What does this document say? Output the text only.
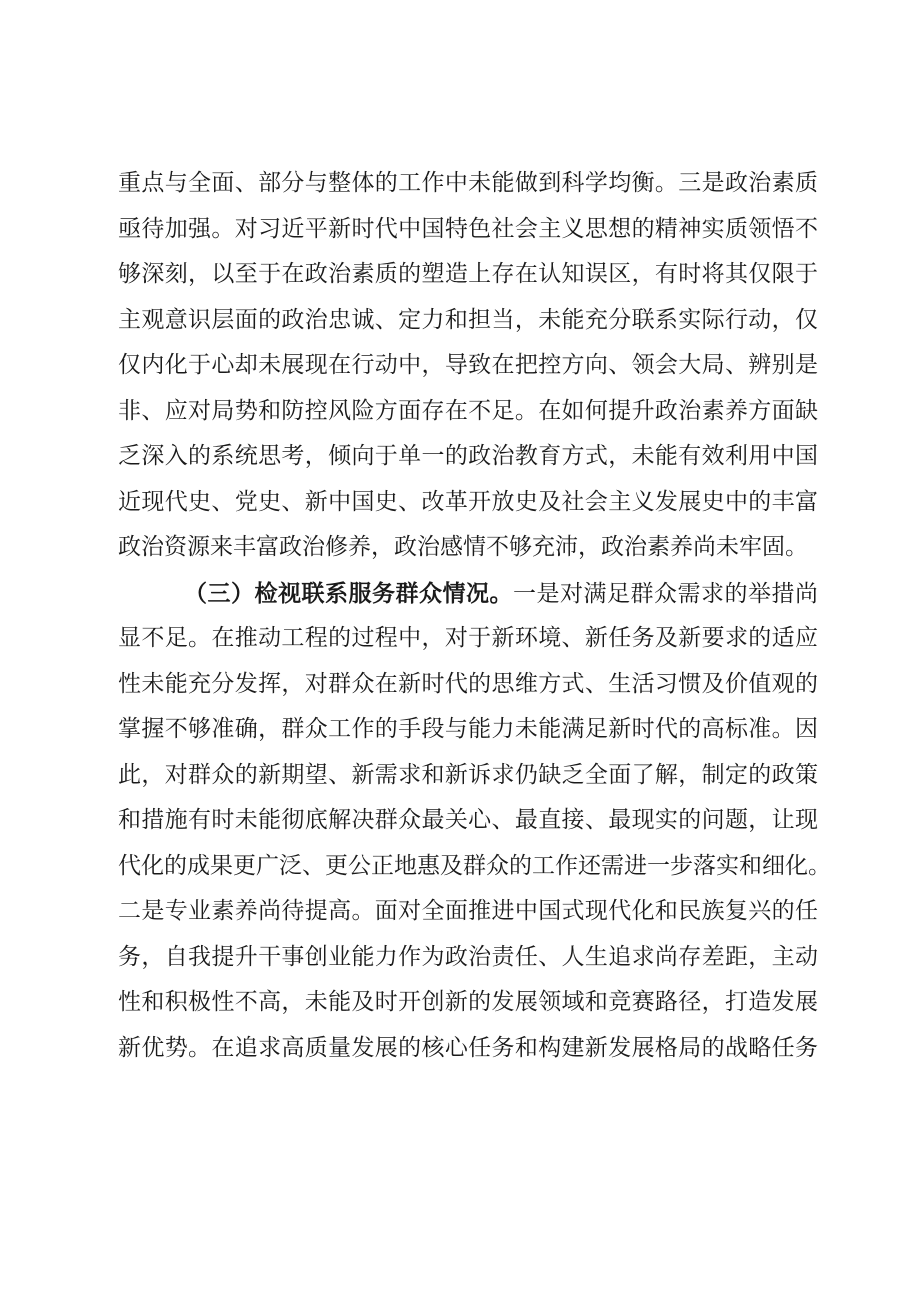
重点与全面、部分与整体的工作中未能做到科学均衡。三是政治素质
亟待加强。对习近平新时代中国特色社会主义思想的精神实质领悟不
够深刻，以至于在政治素质的塑造上存在认知误区，有时将其仅限于
主观意识层面的政治忠诚、定力和担当，未能充分联系实际行动，仅
仅内化于心却未展现在行动中，导致在把控方向、领会大局、辨别是
非、应对局势和防控风险方面存在不足。在如何提升政治素养方面缺
乏深入的系统思考，倾向于单一的政治教育方式，未能有效利用中国
近现代史、党史、新中国史、改革开放史及社会主义发展史中的丰富
政治资源来丰富政治修养，政治感情不够充沛，政治素养尚未牢固。
（三）检视联系服务群众情况。一是对满足群众需求的举措尚
显不足。在推动工程的过程中，对于新环境、新任务及新要求的适应
性未能充分发挥，对群众在新时代的思维方式、生活习惯及价值观的
掌握不够准确，群众工作的手段与能力未能满足新时代的高标准。因
此，对群众的新期望、新需求和新诉求仍缺乏全面了解，制定的政策
和措施有时未能彻底解决群众最关心、最直接、最现实的问题，让现
代化的成果更广泛、更公正地惠及群众的工作还需进一步落实和细化。
二是专业素养尚待提高。面对全面推进中国式现代化和民族复兴的任
务，自我提升干事创业能力作为政治责任、人生追求尚存差距，主动
性和积极性不高，未能及时开创新的发展领域和竞赛路径，打造发展
新优势。在追求高质量发展的核心任务和构建新发展格局的战略任务
